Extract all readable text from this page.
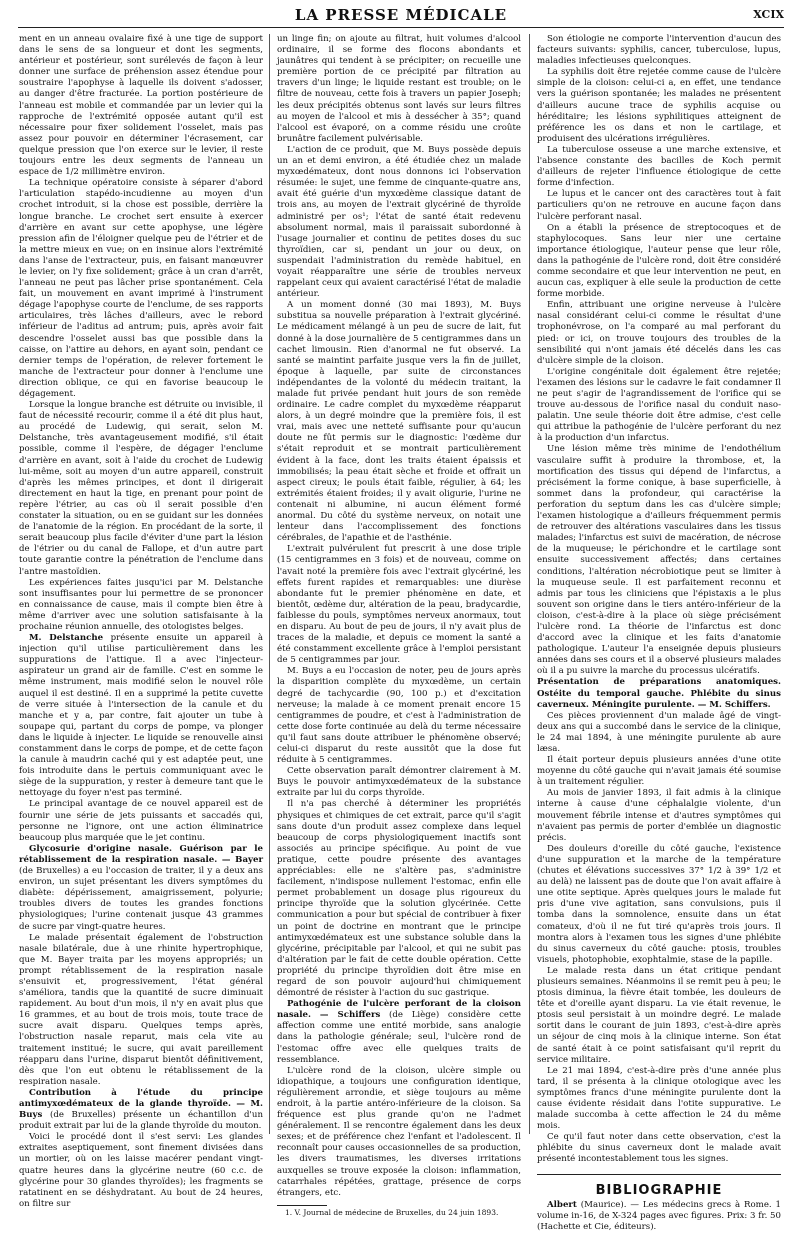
LA PRESSE MÉDICALE	XCIX

ment en un anneau ovalaire fixé à une tige de support dans le sens de sa longueur et dont les segments, antérieur et postérieur, sont surélevés de façon à leur donner une surface de préhension assez étendue pour soustraire l'apophyse à laquelle ils doivent s'adosser, au danger d'être fracturée. La portion postérieure de l'anneau est mobile et commandée par un levier qui la rapproche de l'extrémité opposée autant qu'il est nécessaire pour fixer solidement l'osselet, mais pas assez pour pouvoir en déterminer l'écrasement, car quelque pression que l'on exerce sur le levier, il reste toujours entre les deux segments de l'anneau un espace de 1/2 millimètre environ.

La technique opératoire consiste à séparer d'abord l'articulation stapédo-incudienne au moyen d'un crochet introduit, si la chose est possible, derrière la longue branche. Le crochet sert ensuite à exercer d'arrière en avant sur cette apophyse, une légère pression afin de l'éloigner quelque peu de l'étrier et de la mettre mieux en vue; on en insinue alors l'extrémité dans l'anse de l'extracteur, puis, en faisant manœuvrer le levier, on l'y fixe solidement; grâce à un cran d'arrêt, l'anneau ne peut pas lâcher prise spontanément. Cela fait, un mouvement en avant imprimé à l'instrument dégage l'apophyse courte de l'enclume, de ses rapports articulaires, très lâches d'ailleurs, avec le rebord inférieur de l'aditus ad antrum; puis, après avoir fait descendre l'osselet aussi bas que possible dans la caisse, on l'attire au dehors, en ayant soin, pendant ce dernier temps de l'opération, de relever fortement le manche de l'extracteur pour donner à l'enclume une direction oblique, ce qui en favorise beaucoup le dégagement.

Lorsque la longue branche est détruite ou invisible, il faut de nécessité recourir, comme il a été dit plus haut, au procédé de Ludewig, qui serait, selon M. Delstanche, très avantageusement modifié, s'il était possible, comme il l'espère, de dégager l'enclume d'arrière en avant, soit à l'aide du crochet de Ludewig lui-même, soit au moyen d'un autre appareil, construit d'après les mêmes principes, et dont il dirigerait directement en haut la tige, en prenant pour point de repère l'étrier, au cas où il serait possible d'en constater la situation, ou en se guidant sur les données de l'anatomie de la région. En procédant de la sorte, il serait beaucoup plus facile d'éviter d'une part la lésion de l'étrier ou du canal de Fallope, et d'un autre part toute garantie contre la pénétration de l'enclume dans l'antre mastoïdien.

Les expériences faites jusqu'ici par M. Delstanche sont insuffisantes pour lui permettre de se prononcer en connaissance de cause, mais il compte bien être à même d'arriver avec une solution satisfaisante à la prochaine réunion annuelle, des otologistes belges.

M. Delstanche présente ensuite un appareil à injection qu'il utilise particulièrement dans les suppurations de l'attique. Il a avec l'injecteur-aspirateur un grand air de famille. C'est en somme le même instrument, mais modifié selon le nouvel rôle auquel il est destiné. Il en a supprimé la petite cuvette de verre située à l'intersection de la canule et du manche et y a, par contre, fait ajouter un tube à soupape qui, partant du corps de pompe, va plonger dans le liquide à injecter. Le liquide se renouvelle ainsi constamment dans le corps de pompe, et de cette façon la canule à maudrin caché qui y est adaptée peut, une fois introduite dans le pertuis communiquant avec le siège de la suppuration, y rester à demeure tant que le nettoyage du foyer n'est pas terminé.

Le principal avantage de ce nouvel appareil est de fournir une série de jets puissants et saccadés qui, personne ne l'ignore, ont une action éliminatrice beaucoup plus marquée que le jet continu.

Glycosurie d'origine nasale. Guérison par le rétablissement de la respiration nasale. — Bayer (de Bruxelles) a eu l'occasion de traiter, il y a deux ans environ, un sujet présentant les divers symptômes du diabète: dépérissement, amaigrissement, polyurie; troubles divers de toutes les grandes fonctions physiologiques; l'urine contenait jusque 43 grammes de sucre par vingt-quatre heures.

Le malade présentait également de l'obstruction nasale bilatérale, due à une rhinite hypertrophique, que M. Bayer traita par les moyens appropriés; un prompt rétablissement de la respiration nasale s'ensuivit et, progressivement, l'état général s'améliora, tandis que la quantité de sucre diminuait rapidement. Au bout d'un mois, il n'y en avait plus que 16 grammes, et au bout de trois mois, toute trace de sucre avait disparu. Quelques temps après, l'obstruction nasale reparut, mais cela vite au traitement institué; le sucre, qui avait pareillement réapparu dans l'urine, disparut bientôt définitivement, dès que l'on eut obtenu le rétablissement de la respiration nasale.

Contribution à l'étude du principe antimyxœdémateux de la glande thyroïde. — M. Buys (de Bruxelles) présente un échantillon d'un produit extrait par lui de la glande thyroïde du mouton.

Voici le procédé dont il s'est servi: Les glandes extraites aseptiquement, sont finement divisées dans un mortier, où on les laisse macérer pendant vingt-quatre heures dans la glycérine neutre (60 c.c. de glycérine pour 30 glandes thyroïdes); les fragments se ratatinent en se déshydratant. Au bout de 24 heures, on filtre sur

un linge fin; on ajoute au filtrat, huit volumes d'alcool ordinaire, il se forme des flocons abondants et jaunâtres qui tendent à se précipiter; on recueille une première portion de ce précipité par filtration au travers d'un linge; le liquide restant est trouble; on le filtre de nouveau, cette fois à travers un papier Joseph; les deux précipités obtenus sont lavés sur leurs filtres au moyen de l'alcool et mis à dessécher à 35°; quand l'alcool est évaporé, on a comme résidu une croûte brunâtre facilement pulvérisable.

L'action de ce produit, que M. Buys possède depuis un an et demi environ, a été étudiée chez un malade myxœdémateux, dont nous donnons ici l'observation résumée: le sujet, une femme de cinquante-quatre ans, avait été guérie d'un myxœdème classique datant de trois ans, au moyen de l'extrait glycériné de thyroïde administré per os¹; l'état de santé était redevenu absolument normal, mais il paraissait subordonné à l'usage journalier et continu de petites doses du suc thyroïdien, car si, pendant un jour ou deux, on suspendait l'administration du remède habituel, en voyait réapparaître une série de troubles nerveux rappelant ceux qui avaient caractérisé l'état de maladie antérieur.

A un moment donné (30 mai 1893), M. Buys substitua sa nouvelle préparation à l'extrait glycériné. Le médicament mélangé à un peu de sucre de lait, fut donné à la dose journalière de 5 centigrammes dans un cachet limousin. Rien d'anormal ne fut observé. La santé se maintint parfaite jusque vers la fin de juillet, époque à laquelle, par suite de circonstances indépendantes de la volonté du médecin traitant, la malade fut privée pendant huit jours de son remède ordinaire. Le cadre complet du myxœdème réapparut alors, à un degré moindre que la première fois, il est vrai, mais avec une netteté suffisante pour qu'aucun doute ne fût permis sur le diagnostic: l'œdème dur s'était reproduit et se montrait particulièrement évident à la face, dont les traits étaient épaissis et immobilisés; la peau était sèche et froide et offrait un aspect cireux; le pouls était faible, régulier, à 64; les extrémités étaient froides; il y avait oligurie, l'urine ne contenait ni albumine, ni aucun élément formé anormal. Du côté du système nerveux, on notait une lenteur dans l'accomplissement des fonctions cérébrales, de l'apathie et de l'asthénie.

L'extrait pulvérulent fut prescrit à une dose triple (15 centigrammes en 3 fois) et de nouveau, comme on l'avait noté la première fois avec l'extrait glycériné, les effets furent rapides et remarquables: une diurèse abondante fut le premier phénomène en date, et bientôt, œdème dur, altération de la peau, bradycardie, faiblesse du pouls, symptômes nerveux anormaux, tout en disparu. Au bout de peu de jours, il n'y avait plus de traces de la maladie, et depuis ce moment la santé a été constamment excellente grâce à l'emploi persistant de 5 centigrammes par jour.

M. Buys a eu l'occasion de noter, peu de jours après la disparition complète du myxœdème, un certain degré de tachycardie (90, 100 p.) et d'excitation nerveuse; la malade à ce moment prenait encore 15 centigrammes de poudre, et c'est à l'administration de cette dose forte continuée au delà du terme nécessaire qu'il faut sans doute attribuer le phénomène observé; celui-ci disparut du reste aussitôt que la dose fut réduite à 5 centigrammes.

Cette observation paraît démontrer clairement à M. Buys le pouvoir antimyxœdémateux de la substance extraite par lui du corps thyroïde.

Il n'a pas cherché à déterminer les propriétés physiques et chimiques de cet extrait, parce qu'il s'agit sans doute d'un produit assez complexe dans lequel beaucoup de corps physiologiquement inactifs sont associés au principe spécifique. Au point de vue pratique, cette poudre présente des avantages appréciables: elle ne s'altère pas, s'administre facilement, n'indispose nullement l'estomac, enfin elle permet probablement un dosage plus rigoureux du principe thyroïde que la solution glycérinée. Cette communication a pour but spécial de contribuer à fixer un point de doctrine en montrant que le principe antimyxœdémateux est une substance soluble dans la glycérine, précipitable par l'alcool, et qui ne subit pas d'altération par le fait de cette double opération. Cette propriété du principe thyroïdien doit être mise en regard de son pouvoir aujourd'hui chimiquement démontré de résister à l'action du suc gastrique.

Pathogénie de l'ulcère perforant de la cloison nasale. — Schiffers (de Liège) considère cette affection comme une entité morbide, sans analogie dans la pathologie générale; seul, l'ulcère rond de l'estomac offre avec elle quelques traits de ressemblance.

L'ulcère rond de la cloison, ulcère simple ou idiopathique, a toujours une configuration identique, régulièrement arrondie, et siège toujours au même endroit, à la partie antéro-inférieure de la cloison. Sa fréquence est plus grande qu'on ne l'admet généralement. Il se rencontre également dans les deux sexes; et de préférence chez l'enfant et l'adolescent. Il reconnaît pour causes occasionnelles de sa production, les divers traumatismes, les diverses irritations auxquelles se trouve exposée la cloison: inflammation, catarrhales répétées, grattage, présence de corps étrangers, etc.

1. V. Journal de médecine de Bruxelles, du 24 juin 1893.

Son étiologie ne comporte l'intervention d'aucun des facteurs suivants: syphilis, cancer, tuberculose, lupus, maladies infectieuses quelconques.

La syphilis doit être rejetée comme cause de l'ulcère simple de la cloison: celui-ci a, en effet, une tendance vers la guérison spontanée; les malades ne présentent d'ailleurs aucune trace de syphilis acquise ou héréditaire; les lésions syphilitiques atteignent de préférence les os dans et non le cartilage, et produisent des ulcérations irrégulières.

La tuberculose osseuse a une marche extensive, et l'absence constante des bacilles de Koch permit d'ailleurs de rejeter l'influence étiologique de cette forme d'infection.

Le lupus et le cancer ont des caractères tout à fait particuliers qu'on ne retrouve en aucune façon dans l'ulcère perforant nasal.

On a établi la présence de streptocoques et de staphylocoques. Sans leur nier une certaine importance étiologique, l'auteur pense que leur rôle, dans la pathogénie de l'ulcère rond, doit être considéré comme secondaire et que leur intervention ne peut, en aucun cas, expliquer à elle seule la production de cette forme morbide.

Enfin, attribuant une origine nerveuse à l'ulcère nasal considérant celui-ci comme le résultat d'une trophonévrose, on l'a comparé au mal perforant du pied: or ici, on trouve toujours des troubles de la sensibilité qui n'ont jamais été décelés dans les cas d'ulcère simple de la cloison.

L'origine congénitale doit également être rejetée; l'examen des lésions sur le cadavre le fait condamner Il ne peut s'agir de l'agrandissement de l'orifice qui se trouve au-dessous de l'orifice nasal du conduit naso-palatin. Une seule théorie doit être admise, c'est celle qui attribue la pathogénie de l'ulcère perforant du nez à la production d'un infarctus.

Une lésion même très minime de l'endothélium vasculaire suffit à produire la thrombose, et, la mortification des tissus qui dépend de l'infarctus, a précisément la forme conique, à base superficielle, à sommet dans la profondeur, qui caractérise la perforation du septum dans les cas d'ulcère simple; l'examen histologique a d'ailleurs fréquemment permis de retrouver des altérations vasculaires dans les tissus malades; l'infarctus est suivi de macération, de nécrose de la muqueuse; le périchondre et le cartilage sont ensuite successivement affectés; dans certaines conditions, l'altération nécrobiotique peut se limiter à la muqueuse seule. Il est parfaitement reconnu et admis par tous les cliniciens que l'épistaxis a le plus souvent son origine dans le tiers antéro-inférieur de la cloison, c'est-à-dire à la place où siège précisément l'ulcère rond. La théorie de l'infarctus est donc d'accord avec la clinique et les faits d'anatomie pathologique. L'auteur l'a enseignée depuis plusieurs années dans ses cours et il a observé plusieurs malades où il a pu suivre la marche du processus ulcératifs.

Présentation de préparations anatomiques. Ostéite du temporal gauche. Phlébite du sinus caverneux. Méningite purulente. — M. Schiffers.

Ces pièces proviennent d'un malade âgé de vingt-deux ans qui a succombé dans le service de la clinique, le 24 mai 1894, à une méningite purulente ab aure læsa.

Il était porteur depuis plusieurs années d'une otite moyenne du côté gauche qui n'avait jamais été soumise à un traitement régulier.

Au mois de janvier 1893, il fait admis à la clinique interne à cause d'une céphalalgie violente, d'un mouvement fébrile intense et d'autres symptômes qui n'avaient pas permis de porter d'emblée un diagnostic précis.

Des douleurs d'oreille du côté gauche, l'existence d'une suppuration et la marche de la température (chutes et élévations successives 37° 1/2 à 39° 1/2 et au delà) ne laissent pas de doute que l'on avait affaire à une otite septique. Après quelques jours le malade fut pris d'une vive agitation, sans convulsions, puis il tomba dans la somnolence, ensuite dans un état comateux, d'où il ne fut tiré qu'après trois jours. Il montra alors à l'examen tous les signes d'une phlébite du sinus caverneux du côté gauche: ptosis, troubles visuels, photophobie, exophtalmie, stase de la papille.

Le malade resta dans un état critique pendant plusieurs semaines. Néanmoins il se remit peu à peu; le ptosis diminua, la fièvre était tombée, les douleurs de tête et d'oreille ayant disparu. La vie était revenue, le ptosis seul persistait à un moindre degré. Le malade sortit dans le courant de juin 1893, c'est-à-dire après un séjour de cinq mois à la clinique interne. Son état de santé était à ce point satisfaisant qu'il reprit du service militaire.

Le 21 mai 1894, c'est-à-dire près d'une année plus tard, il se présenta à la clinique otologique avec les symptômes francs d'une méningite purulente dont la cause évidente résidait dans l'otite suppurative. Le malade succomba à cette affection le 24 du même mois.

Ce qu'il faut noter dans cette observation, c'est la phlébite du sinus caverneux dont le malade avait présenté incontestablement tous les signes.

BIBLIOGRAPHIE

Albert (Maurice). — Les médecins grecs à Rome. 1 volume in-16, de X-324 pages avec figures. Prix: 3 fr. 50 (Hachette et Cie, éditeurs).
